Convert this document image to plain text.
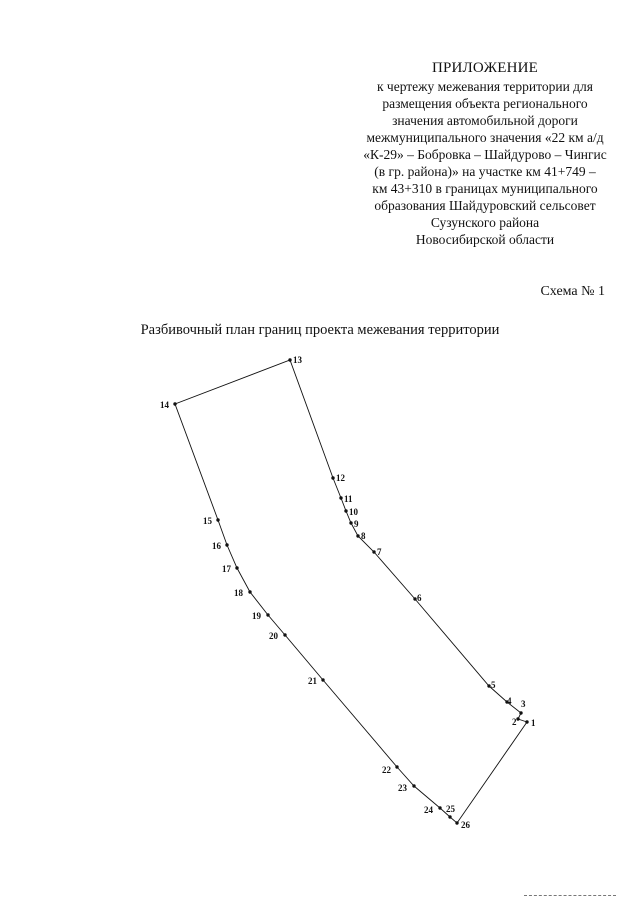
ПРИЛОЖЕНИЕ
к чертежу межевания территории для
размещения объекта регионального
значения автомобильной дороги
межмуниципального значения «22 км а/д
«К-29» – Бобровка – Шайдурово – Чингис
(в гр. района)» на участке км 41+749 –
км 43+310 в границах муниципального
образования Шайдуровский сельсовет
Сузунского района
Новосибирской области
Схема № 1
Разбивочный план границ проекта межевания территории
1
2
3
4
5
6
7
8
9
10
11
12
13
14
15
16
17
18
19
20
21
22
23
24 25
26
